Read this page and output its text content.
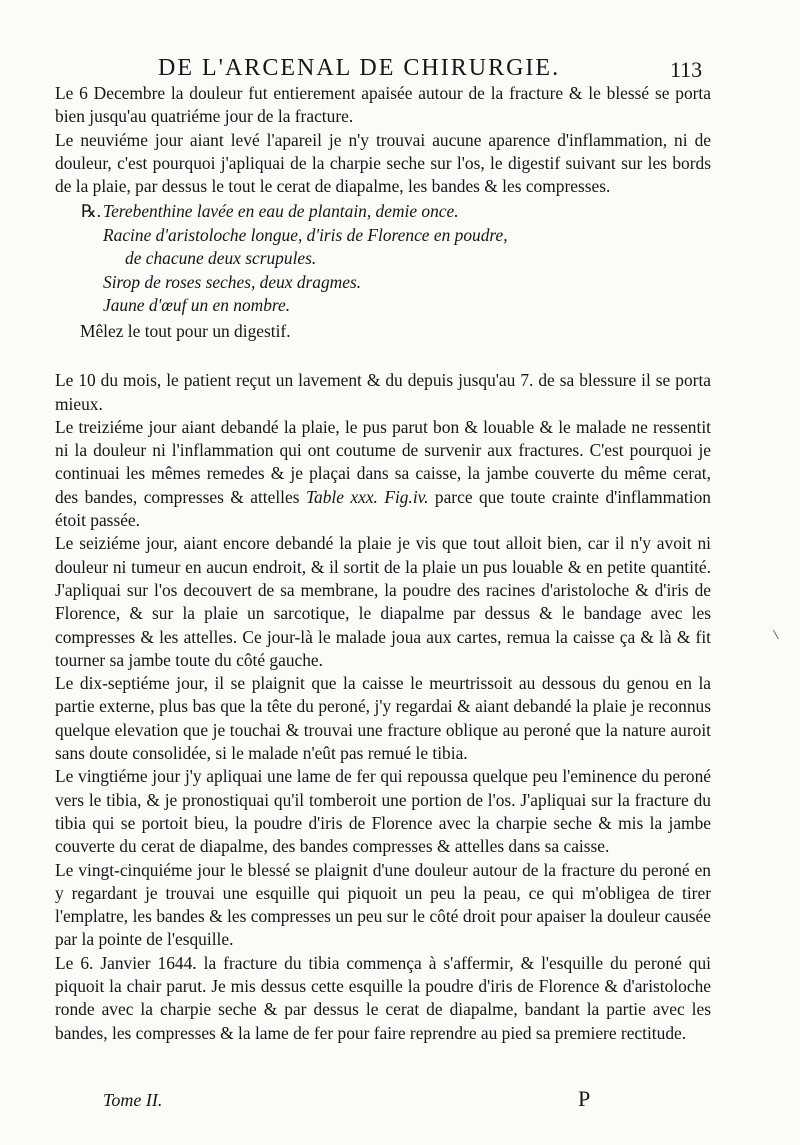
DE L'ARCENAL DE CHIRURGIE.	113

Le 6 Decembre la douleur fut entierement apaisée autour de la fracture & le blessé se porta bien jusqu'au quatriéme jour de la fracture.

Le neuviéme jour aiant levé l'apareil je n'y trouvai aucune aparence d'inflammation, ni de douleur, c'est pourquoi j'apliquai de la charpie seche sur l'os, le digestif suivant sur les bords de la plaie, par dessus le tout le cerat de diapalme, les bandes & les compresses.

℞. Terebenthine lavée en eau de plantain, demie once.
Racine d'aristoloche longue, d'iris de Florence en poudre,
de chacune deux scrupules.
Sirop de roses seches, deux dragmes.
Jaune d'œuf un en nombre.

Mêlez le tout pour un digestif.

Le 10 du mois, le patient reçut un lavement & du depuis jusqu'au 7. de sa blessure il se porta mieux.

Le treiziéme jour aiant debandé la plaie, le pus parut bon & louable & le malade ne ressentit ni la douleur ni l'inflammation qui ont coutume de survenir aux fractures. C'est pourquoi je continuai les mêmes remedes & je plaçai dans sa caisse, la jambe couverte du même cerat, des bandes, compresses & attelles Table xxx. Fig.iv. parce que toute crainte d'inflammation étoit passée.

Le seiziéme jour, aiant encore debandé la plaie je vis que tout alloit bien, car il n'y avoit ni douleur ni tumeur en aucun endroit, & il sortit de la plaie un pus louable & en petite quantité. J'apliquai sur l'os decouvert de sa membrane, la poudre des racines d'aristoloche & d'iris de Florence, & sur la plaie un sarcotique, le diapalme par dessus & le bandage avec les compresses & les attelles. Ce jour-là le malade joua aux cartes, remua la caisse ça & là & fit tourner sa jambe toute du côté gauche.

Le dix-septiéme jour, il se plaignit que la caisse le meurtrissoit au dessous du genou en la partie externe, plus bas que la tête du peroné, j'y regardai & aiant debandé la plaie je reconnus quelque elevation que je touchai & trouvai une fracture oblique au peroné que la nature auroit sans doute consolidée, si le malade n'eût pas remué le tibia.

Le vingtiéme jour j'y apliquai une lame de fer qui repoussa quelque peu l'eminence du peroné vers le tibia, & je pronostiquai qu'il tomberoit une portion de l'os. J'apliquai sur la fracture du tibia qui se portoit bieu, la poudre d'iris de Florence avec la charpie seche & mis la jambe couverte du cerat de diapalme, des bandes compresses & attelles dans sa caisse.

Le vingt-cinquiéme jour le blessé se plaignit d'une douleur autour de la fracture du peroné en y regardant je trouvai une esquille qui piquoit un peu la peau, ce qui m'obligea de tirer l'emplatre, les bandes & les compresses un peu sur le côté droit pour apaiser la douleur causée par la pointe de l'esquille.

Le 6. Janvier 1644. la fracture du tibia commença à s'affermir, & l'esquille du peroné qui piquoit la chair parut. Je mis dessus cette esquille la poudre d'iris de Florence & d'aristoloche ronde avec la charpie seche & par dessus le cerat de diapalme, bandant la partie avec les bandes, les compresses & la lame de fer pour faire reprendre au pied sa premiere rectitude.

Tome II.	P
